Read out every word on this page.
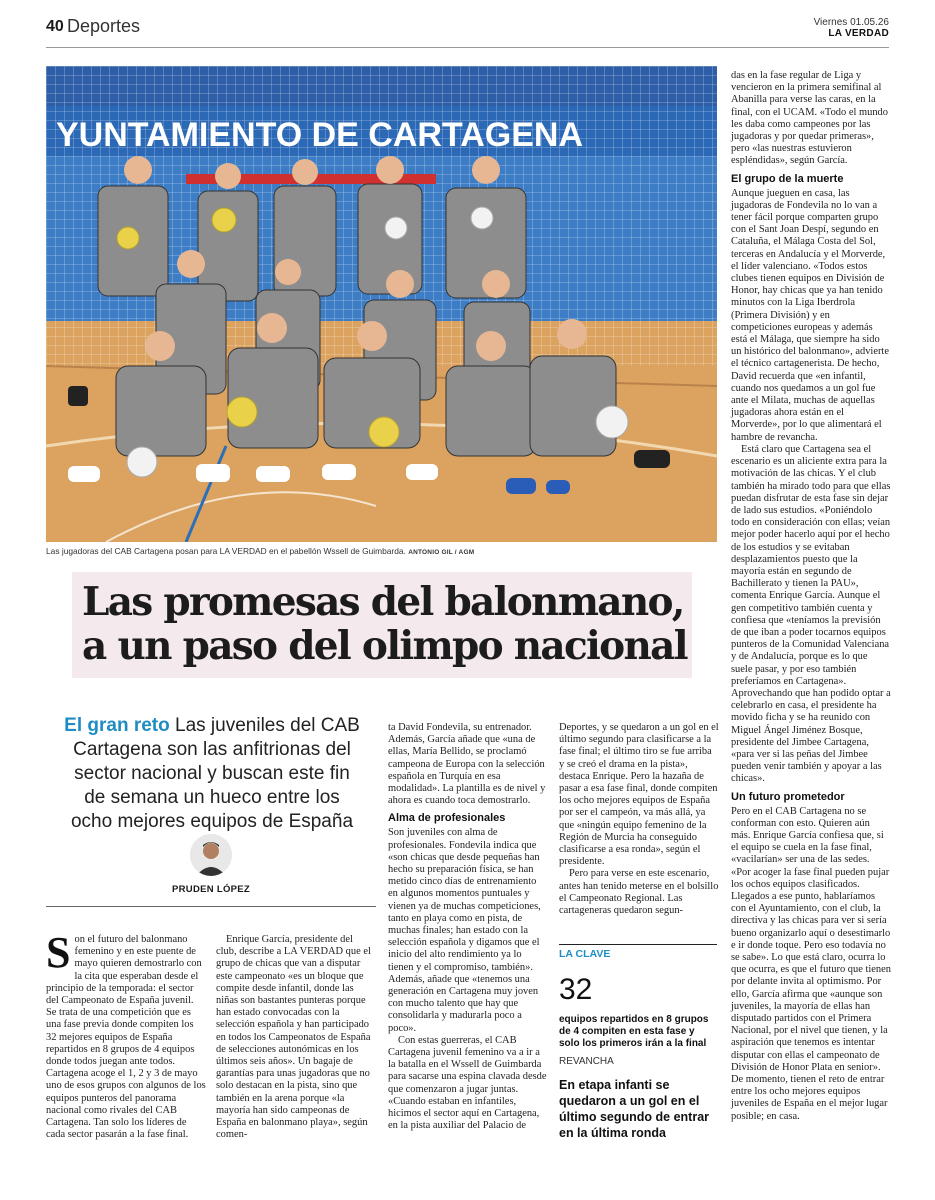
40 Deportes	Viernes 01.05.26
LA VERDAD
Las jugadoras del CAB Cartagena posan para LA VERDAD en el pabellón Wssell de Guimbarda. ANTONIO GIL / AGM
Las promesas del balonmano,
a un paso del olimpo nacional
El gran reto Las juveniles del CAB Cartagena son las anfitrionas del sector nacional y buscan este fin de semana un hueco entre los ocho mejores equipos de España
PRUDEN LÓPEZ

S on el futuro del balonmano femenino y en este puente de mayo quieren demostrarlo con la cita que esperaban desde el principio de la temporada: el sector del Campeonato de España juvenil. Se trata de una competición que es una fase previa donde compiten los 32 mejores equipos de España repartidos en 8 grupos de 4 equipos donde todos juegan ante todos. Cartagena acoge el 1, 2 y 3 de mayo uno de esos grupos con algunos de los equipos punteros del panorama nacional como rivales del CAB Cartagena. Tan solo los líderes de cada sector pasarán a la fase final.

Enrique García, presidente del club, describe a LA VERDAD que el grupo de chicas que van a disputar este campeonato «es un bloque que compite desde infantil, donde las niñas son bastantes punteras porque han estado convocadas con la selección española y han participado en todos los Campeonatos de España de selecciones autonómicas en los últimos seis años». Un bagaje de garantías para unas jugadoras que no solo destacan en la pista, sino que también en la arena porque «la mayoría han sido campeonas de España en balonmano playa», según comen-

ta David Fondevila, su entrenador. Además, García añade que «una de ellas, María Bellido, se proclamó campeona de Europa con la selección española en Turquía en esa modalidad». La plantilla es de nivel y ahora es cuando toca demostrarlo.

Alma de profesionales

Son juveniles con alma de profesionales. Fondevila indica que «son chicas que desde pequeñas han hecho su preparación física, se han metido cinco días de entrenamiento en algunos momentos puntuales y vienen ya de muchas competiciones, tanto en playa como en pista, de muchas finales; han estado con la selección española y digamos que el inicio del alto rendimiento ya lo tienen y el compromiso, también». Además, añade que «tenemos una generación en Cartagena muy joven con mucho talento que hay que consolidarla y madurarla poco a poco».

Con estas guerreras, el CAB Cartagena juvenil femenino va a ir a la batalla en el Wssell de Guimbarda para sacarse una espina clavada desde que comenzaron a jugar juntas. «Cuando estaban en infantiles, hicimos el sector aquí en Cartagena, en la pista auxiliar del Palacio de

Deportes, y se quedaron a un gol en el último segundo para clasificarse a la fase final; el último tiro se fue arriba y se creó el drama en la pista», destaca Enrique. Pero la hazaña de pasar a esa fase final, donde compiten los ocho mejores equipos de España por ser el campeón, va más allá, ya que «ningún equipo femenino de la Región de Murcia ha conseguido clasificarse a esa ronda», según el presidente.

Pero para verse en este escenario, antes han tenido meterse en el bolsillo el Campeonato Regional. Las cartageneras quedaron segun-

LA CLAVE
32
equipos repartidos en 8 grupos de 4 compiten en esta fase y solo los primeros irán a la final
REVANCHA
En etapa infanti se quedaron a un gol en el último segundo de entrar en la última ronda

das en la fase regular de Liga y vencieron en la primera semifinal al Abanilla para verse las caras, en la final, con el UCAM. «Todo el mundo les daba como campeones por las jugadoras y por quedar primeras», pero «las nuestras estuvieron espléndidas», según García.

El grupo de la muerte

Aunque jueguen en casa, las jugadoras de Fondevila no lo van a tener fácil porque comparten grupo con el Sant Joan Despí, segundo en Cataluña, el Málaga Costa del Sol, terceras en Andalucía y el Morverde, el líder valenciano. «Todos estos clubes tienen equipos en División de Honor, hay chicas que ya han tenido minutos con la Liga Iberdrola (Primera División) y en competiciones europeas y además está el Málaga, que siempre ha sido un histórico del balonmano», advierte el técnico cartagenerista. De hecho, David recuerda que «en infantil, cuando nos quedamos a un gol fue ante el Milata, muchas de aquellas jugadoras ahora están en el Morverde», por lo que alimentará el hambre de revancha.

Está claro que Cartagena sea el escenario es un aliciente extra para la motivación de las chicas. Y el club también ha mirado todo para que ellas puedan disfrutar de esta fase sin dejar de lado sus estudios. «Poniéndolo todo en consideración con ellas; veían mejor poder hacerlo aquí por el hecho de los estudios y se evitaban desplazamientos puesto que la mayoría están en segundo de Bachillerato y tienen la PAU», comenta Enrique García. Aunque el gen competitivo también cuenta y confiesa que «teníamos la previsión de que iban a poder tocarnos equipos punteros de la Comunidad Valenciana y de Andalucía, porque es lo que suele pasar, y por eso también preferíamos en Cartagena». Aprovechando que han podido optar a celebrarlo en casa, el presidente ha movido ficha y se ha reunido con Miguel Ángel Jiménez Bosque, presidente del Jimbee Cartagena, «para ver si las peñas del Jimbee pueden venir también y apoyar a las chicas».

Un futuro prometedor

Pero en el CAB Cartagena no se conforman con esto. Quieren aún más. Enrique García confiesa que, si el equipo se cuela en la fase final, «vacilarían» ser una de las sedes. «Por acoger la fase final pueden pujar los ochos equipos clasificados. Llegados a ese punto, hablaríamos con el Ayuntamiento, con el club, la directiva y las chicas para ver si sería bueno organizarlo aquí o desestimarlo e ir donde toque. Pero eso todavía no se sabe». Lo que está claro, ocurra lo que ocurra, es que el futuro que tienen por delante invita al optimismo. Por ello, García afirma que «aunque son juveniles, la mayoría de ellas han disputado partidos con el Primera Nacional, por el nivel que tienen, y la aspiración que tenemos es intentar disputar con ellas el campeonato de División de Honor Plata en senior». De momento, tienen el reto de entrar entre los ocho mejores equipos juveniles de España en el mejor lugar posible; en casa.
